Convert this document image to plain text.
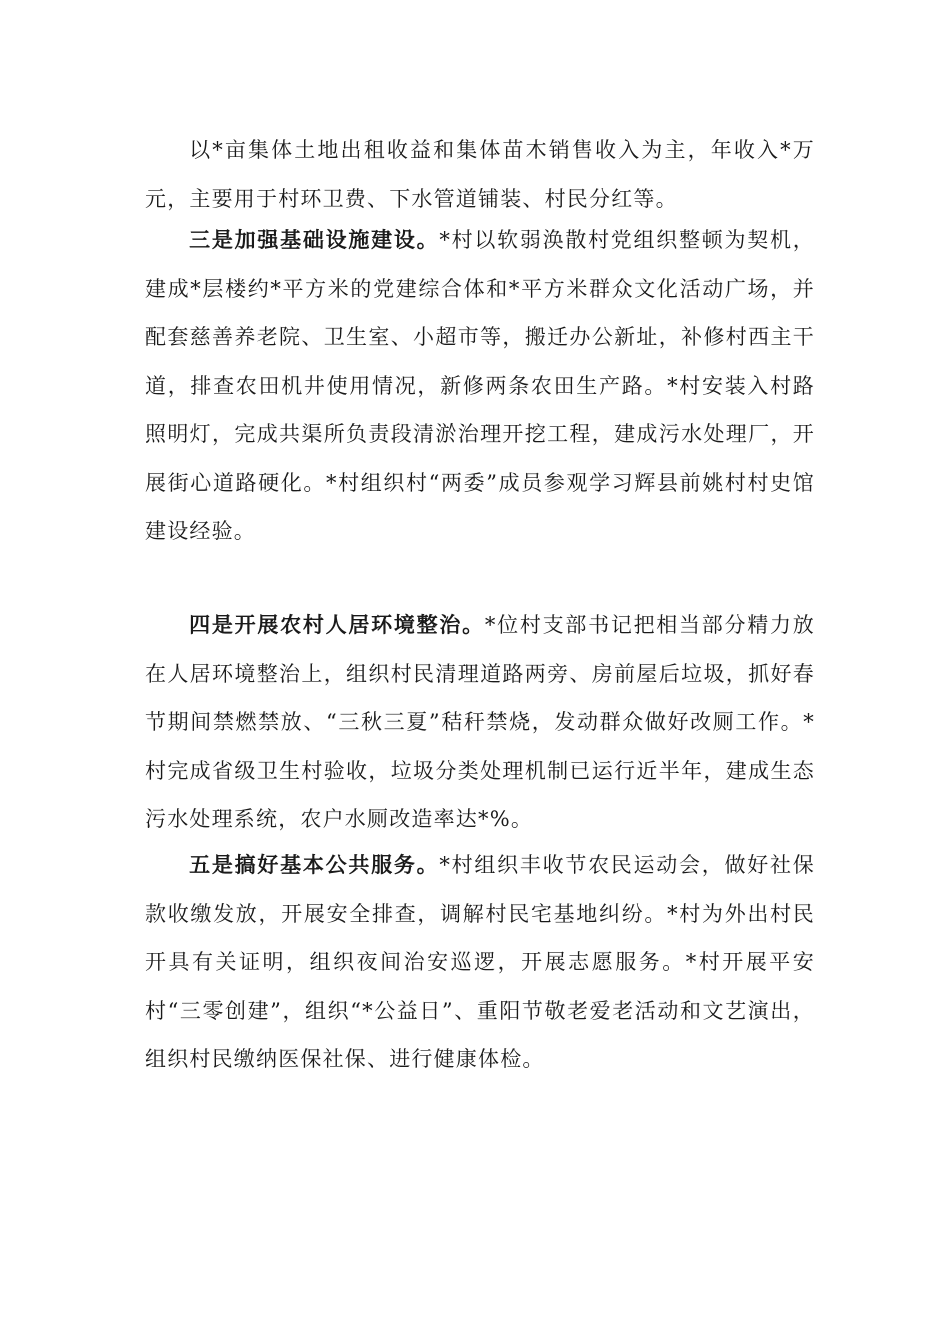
以*亩集体土地出租收益和集体苗木销售收入为主，年收入*万元，主要用于村环卫费、下水管道铺装、村民分红等。

三是加强基础设施建设。*村以软弱涣散村党组织整顿为契机，建成*层楼约*平方米的党建综合体和*平方米群众文化活动广场，并配套慈善养老院、卫生室、小超市等，搬迁办公新址，补修村西主干道，排查农田机井使用情况，新修两条农田生产路。*村安装入村路照明灯，完成共渠所负责段清淤治理开挖工程，建成污水处理厂，开展街心道路硬化。*村组织村“两委”成员参观学习辉县前姚村村史馆建设经验。

四是开展农村人居环境整治。*位村支部书记把相当部分精力放在人居环境整治上，组织村民清理道路两旁、房前屋后垃圾，抓好春节期间禁燃禁放、“三秋三夏”秸秆禁烧，发动群众做好改厕工作。*村完成省级卫生村验收，垃圾分类处理机制已运行近半年，建成生态污水处理系统，农户水厕改造率达*%。

五是搞好基本公共服务。*村组织丰收节农民运动会，做好社保款收缴发放，开展安全排查，调解村民宅基地纠纷。*村为外出村民开具有关证明，组织夜间治安巡逻，开展志愿服务。*村开展平安村“三零创建”，组织“*公益日”、重阳节敬老爱老活动和文艺演出，组织村民缴纳医保社保、进行健康体检。
